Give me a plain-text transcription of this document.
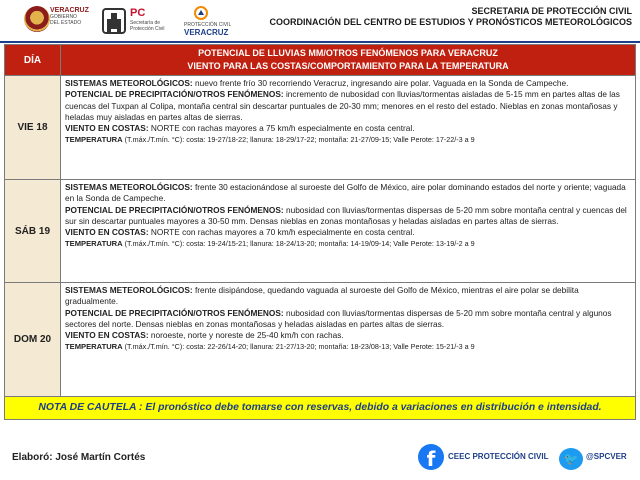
VERACRUZ
GOBIERNO
DEL ESTADO
PC
Secretaría de Protección Civil
PROTECCIÓN CIVIL
VERACRUZ
SECRETARIA DE PROTECCIÓN CIVIL
COORDINACIÓN DEL CENTRO DE ESTUDIOS Y PRONÓSTICOS METEOROLÓGICOS
DÍA	POTENCIAL DE LLUVIAS MM/OTROS FENÓMENOS PARA VERACRUZ
VIENTO PARA LAS COSTAS/COMPORTAMIENTO PARA LA TEMPERATURA

VIE 18	SISTEMAS METEOROLÓGICOS: nuevo frente frío 30 recorriendo Veracruz, ingresando aire polar. Vaguada en la Sonda de Campeche.

POTENCIAL DE PRECIPITACIÓN/OTROS FENÓMENOS: incremento de nubosidad con lluvias/tormentas aisladas de 5-15 mm en partes altas de las cuencas del Tuxpan al Colipa, montaña central sin descartar puntuales de 20-30 mm; menores en el resto del estado. Nieblas en zonas montañosas y heladas muy aisladas en partes altas de sierras.

VIENTO EN COSTAS: NORTE con rachas mayores a 75 km/h especialmente en costa central.

TEMPERATURA (T.máx./T.mín. °C): costa: 19-27/18-22; llanura: 18-29/17-22; montaña: 21-27/09-15; Valle Perote: 17-22/-3 a 9

SÁB 19	SISTEMAS METEOROLÓGICOS: frente 30 estacionándose al suroeste del Golfo de México, aire polar dominando estados del norte y oriente; vaguada en la Sonda de Campeche.

POTENCIAL DE PRECIPITACIÓN/OTROS FENÓMENOS: nubosidad con lluvias/tormentas dispersas de 5-20 mm sobre montaña central y cuencas del sur sin descartar puntuales mayores a 30-50 mm. Densas nieblas en zonas montañosas y heladas aisladas en partes altas de sierras.

VIENTO EN COSTAS: NORTE con rachas mayores a 70 km/h especialmente en costa central.

TEMPERATURA (T.máx./T.mín. °C): costa: 19-24/15-21; llanura: 18-24/13-20; montaña: 14-19/09-14; Valle Perote: 13-19/-2 a 9

DOM 20	SISTEMAS METEOROLÓGICOS: frente disipándose, quedando vaguada al suroeste del Golfo de México, mientras el aire polar se debilita gradualmente.

POTENCIAL DE PRECIPITACIÓN/OTROS FENÓMENOS: nubosidad con lluvias/tormentas dispersas de 5-20 mm sobre montaña central y algunos sectores del norte. Densas nieblas en zonas montañosas y heladas aisladas en partes altas de sierras.

VIENTO EN COSTAS: noroeste, norte y noreste de 25-40 km/h con rachas.

TEMPERATURA (T.máx./T.mín. °C): costa: 22-26/14-20; llanura: 21-27/13-20; montaña: 18-23/08-13; Valle Perote: 15-21/-3 a 9

NOTA DE CAUTELA : El pronóstico debe tomarse con reservas, debido a variaciones en distribución e intensidad.
Elaboró: José Martín Cortés	f	CEEC PROTECCIÓN CIVIL	🐦 @SPCVER
